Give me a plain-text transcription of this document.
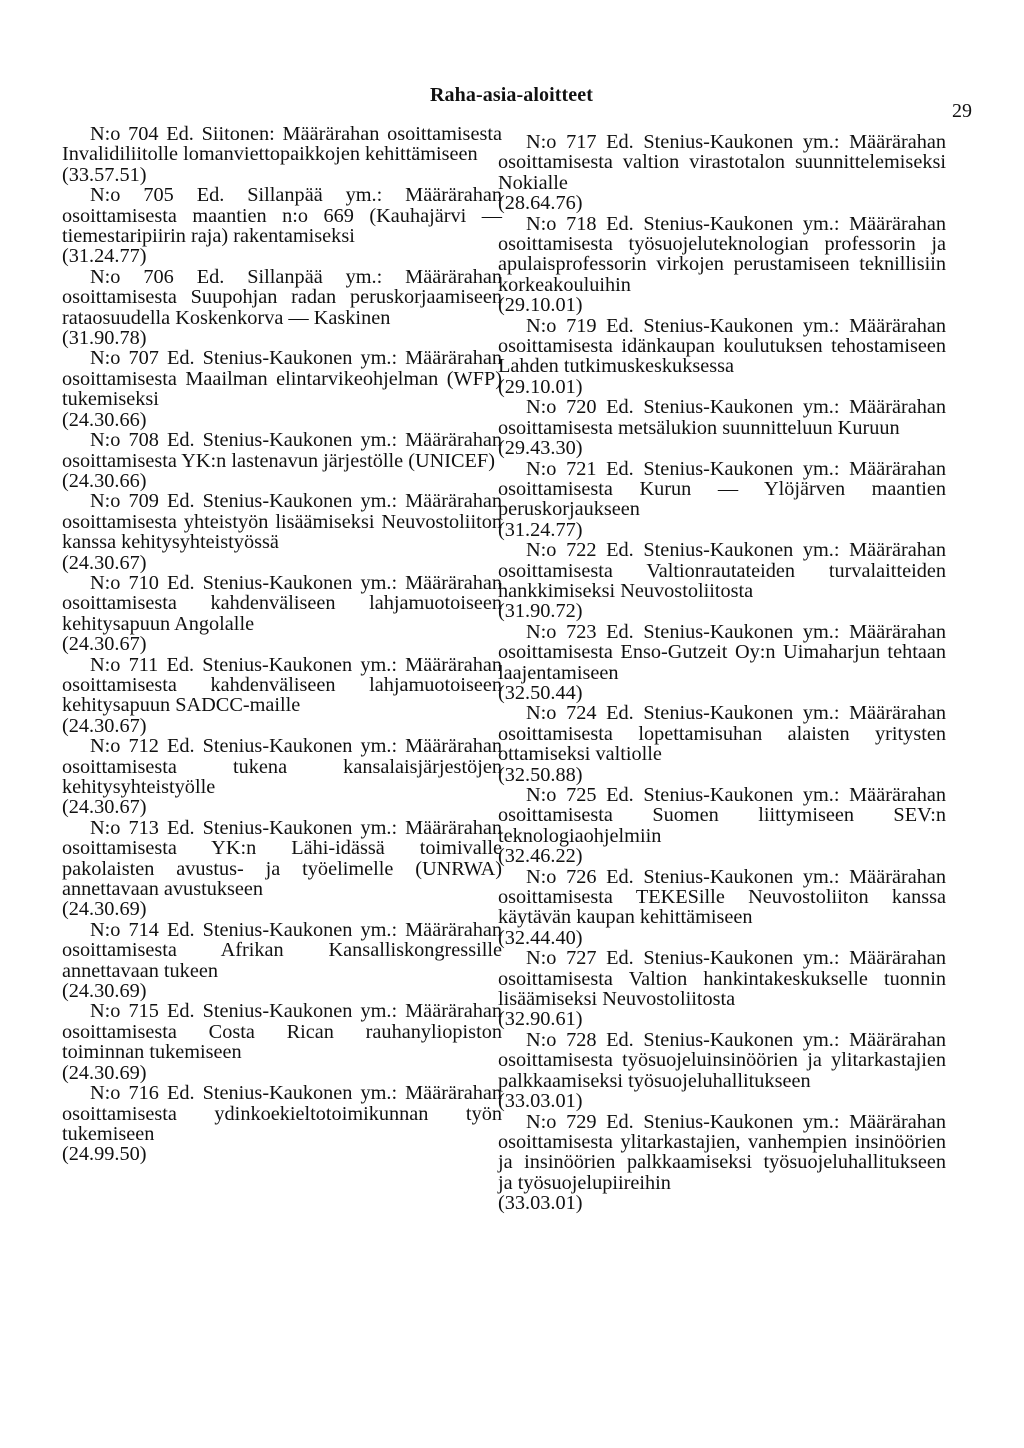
Raha-asia-aloitteet
29

N:o 704 Ed. Siitonen: Määrärahan osoittamisesta Invalidiliitolle lomanviettopaikkojen kehittämiseen

(33.57.51)

N:o 705 Ed. Sillanpää ym.: Määrärahan osoittamisesta maantien n:o 669 (Kauhajärvi — tiemestaripiirin raja) rakentamiseksi

(31.24.77)

N:o 706 Ed. Sillanpää ym.: Määrärahan osoittamisesta Suupohjan radan peruskorjaamiseen rataosuudella Koskenkorva — Kaskinen

(31.90.78)

N:o 707 Ed. Stenius-Kaukonen ym.: Määrärahan osoittamisesta Maailman elintarvikeohjelman (WFP) tukemiseksi

(24.30.66)

N:o 708 Ed. Stenius-Kaukonen ym.: Määrärahan osoittamisesta YK:n lastenavun järjestölle (UNICEF)

(24.30.66)

N:o 709 Ed. Stenius-Kaukonen ym.: Määrärahan osoittamisesta yhteistyön lisäämiseksi Neuvostoliiton kanssa kehitysyhteistyössä

(24.30.67)

N:o 710 Ed. Stenius-Kaukonen ym.: Määrärahan osoittamisesta kahdenväliseen lahjamuotoiseen kehitysapuun Angolalle

(24.30.67)

N:o 711 Ed. Stenius-Kaukonen ym.: Määrärahan osoittamisesta kahdenväliseen lahjamuotoiseen kehitysapuun SADCC-maille

(24.30.67)

N:o 712 Ed. Stenius-Kaukonen ym.: Määrärahan osoittamisesta tukena kansalaisjärjestöjen kehitysyhteistyölle

(24.30.67)

N:o 713 Ed. Stenius-Kaukonen ym.: Määrärahan osoittamisesta YK:n Lähi-idässä toimivalle pakolaisten avustus- ja työelimelle (UNRWA) annettavaan avustukseen

(24.30.69)

N:o 714 Ed. Stenius-Kaukonen ym.: Määrärahan osoittamisesta Afrikan Kansalliskongressille annettavaan tukeen

(24.30.69)

N:o 715 Ed. Stenius-Kaukonen ym.: Määrärahan osoittamisesta Costa Rican rauhanyliopiston toiminnan tukemiseen

(24.30.69)

N:o 716 Ed. Stenius-Kaukonen ym.: Määrärahan osoittamisesta ydinkoekieltotoimikunnan työn tukemiseen

(24.99.50)

N:o 717 Ed. Stenius-Kaukonen ym.: Määrärahan osoittamisesta valtion virastotalon suunnittelemiseksi Nokialle

(28.64.76)

N:o 718 Ed. Stenius-Kaukonen ym.: Määrärahan osoittamisesta työsuojeluteknologian professorin ja apulaisprofessorin virkojen perustamiseen teknillisiin korkeakouluihin

(29.10.01)

N:o 719 Ed. Stenius-Kaukonen ym.: Määrärahan osoittamisesta idänkaupan koulutuksen tehostamiseen Lahden tutkimuskeskuksessa

(29.10.01)

N:o 720 Ed. Stenius-Kaukonen ym.: Määrärahan osoittamisesta metsälukion suunnitteluun Kuruun

(29.43.30)

N:o 721 Ed. Stenius-Kaukonen ym.: Määrärahan osoittamisesta Kurun — Ylöjärven maantien peruskorjaukseen

(31.24.77)

N:o 722 Ed. Stenius-Kaukonen ym.: Määrärahan osoittamisesta Valtionrautateiden turvalaitteiden hankkimiseksi Neuvostoliitosta

(31.90.72)

N:o 723 Ed. Stenius-Kaukonen ym.: Määrärahan osoittamisesta Enso-Gutzeit Oy:n Uimaharjun tehtaan laajentamiseen

(32.50.44)

N:o 724 Ed. Stenius-Kaukonen ym.: Määrärahan osoittamisesta lopettamisuhan alaisten yritysten ottamiseksi valtiolle

(32.50.88)

N:o 725 Ed. Stenius-Kaukonen ym.: Määrärahan osoittamisesta Suomen liittymiseen SEV:n teknologiaohjelmiin

(32.46.22)

N:o 726 Ed. Stenius-Kaukonen ym.: Määrärahan osoittamisesta TEKESille Neuvostoliiton kanssa käytävän kaupan kehittämiseen

(32.44.40)

N:o 727 Ed. Stenius-Kaukonen ym.: Määrärahan osoittamisesta Valtion hankintakeskukselle tuonnin lisäämiseksi Neuvostoliitosta

(32.90.61)

N:o 728 Ed. Stenius-Kaukonen ym.: Määrärahan osoittamisesta työsuojeluinsinöörien ja ylitarkastajien palkkaamiseksi työsuojeluhallitukseen

(33.03.01)

N:o 729 Ed. Stenius-Kaukonen ym.: Määrärahan osoittamisesta ylitarkastajien, vanhempien insinöörien ja insinöörien palkkaamiseksi työsuojeluhallitukseen ja työsuojelupiireihin

(33.03.01)
